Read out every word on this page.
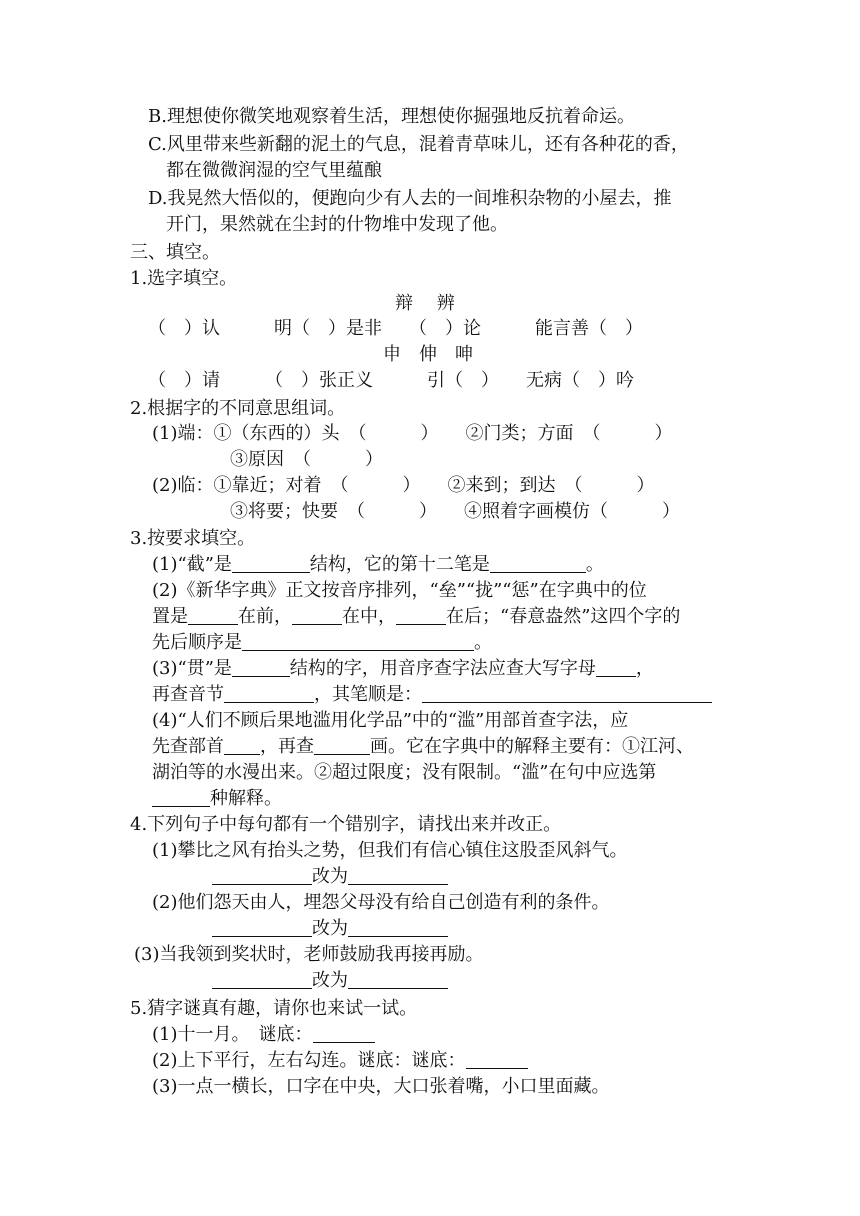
B.理想使你微笑地观察着生活，理想使你掘强地反抗着命运。
C.风里带来些新翻的泥土的气息，混着青草味儿，还有各种花的香，
都在微微润湿的空气里蕴酿
D.我晃然大悟似的，便跑向少有人去的一间堆积杂物的小屋去，推
开门，果然就在尘封的什物堆中发现了他。
三、填空。
1.选字填空。
辩　 辨
（　）认　　　明（　）是非　　（　）论　　　能言善（　）
申　伸　呻
（　）请　　　（　）张正义　　　引（　）　　无病（　）吟
2.根据字的不同意思组词。
(1)端：①（东西的）头　（　　　）　　②门类；方面　（　　　）
③原因　（　　　）
(2)临：①靠近；对着　（　　　）　　②来到；到达　（　　　）
③将要；快要　（　　　）　　④照着字画模仿（　　　）
3.按要求填空。
(1)“截”是	结构，它的第十二笔是	。
(2)《新华字典》正文按音序排列，“垒”“拢”“惩”在字典中的位
置是	在前，	在中，	在后；“春意盎然”这四个字的
先后顺序是	。
(3)“贯”是	结构的字，用音序查字法应查大写字母 ，
再查音节	，其笔顺是：
(4)“人们不顾后果地滥用化学品”中的“滥”用部首查字法，应
先查部首 ，再查	画。它在字典中的解释主要有：①江河、
湖泊等的水漫出来。②超过限度；没有限制。“滥”在句中应选第
种解释。
4.下列句子中每句都有一个错别字，请找出来并改正。
(1)攀比之风有抬头之势，但我们有信心镇住这股歪风斜气。
改为
(2)他们怨天由人，埋怨父母没有给自己创造有利的条件。
改为
(3)当我领到奖状时，老师鼓励我再接再励。
改为
5.猜字谜真有趣，请你也来试一试。
(1)十一月。　谜底：
(2)上下平行，左右勾连。谜底：谜底：
(3)一点一横长，口字在中央，大口张着嘴，小口里面藏。
